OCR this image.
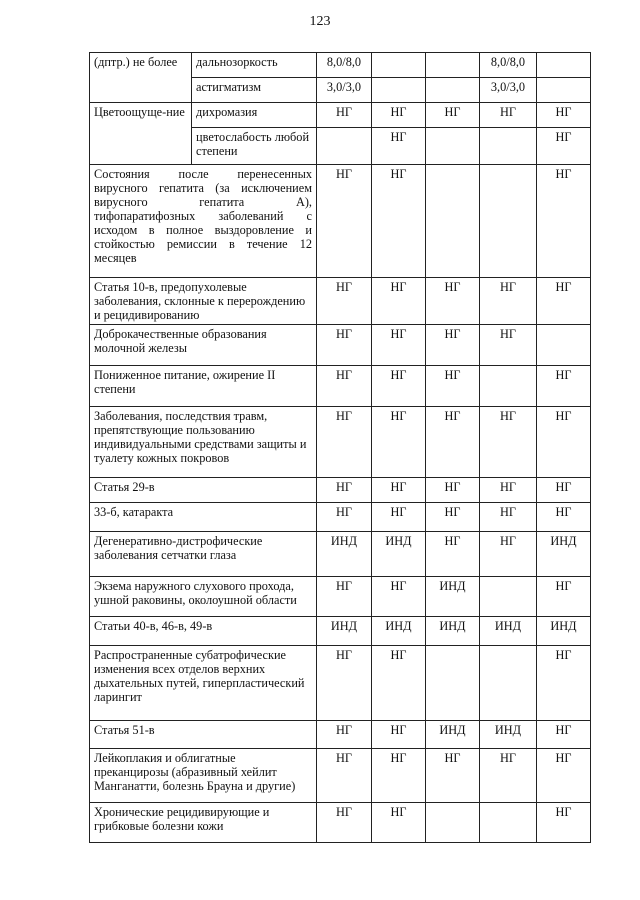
123
(дптр.) не более	дальнозоркость	8,0/8,0			8,0/8,0	
	астигматизм	3,0/3,0			3,0/3,0	
Цветоощуще-ние	дихромазия	НГ	НГ	НГ	НГ	НГ
	цветослабость любой степени		НГ			НГ
Состояния после перенесенных вирусного гепатита (за исключением вирусного гепатита А), тифопаратифозных заболеваний с исходом в полное выздоровление и стойкостью ремиссии в течение 12 месяцев		НГ	НГ			НГ
Статья 10-в, предопухолевые заболевания, склонные к перерождению и рецидивированию		НГ	НГ	НГ	НГ	НГ
Доброкачественные образования молочной железы		НГ	НГ	НГ	НГ	
Пониженное питание, ожирение II степени		НГ	НГ	НГ		НГ
Заболевания, последствия травм, препятствующие пользованию индивидуальными средствами защиты и туалету кожных покровов		НГ	НГ	НГ	НГ	НГ
Статья 29-в		НГ	НГ	НГ	НГ	НГ
33-б, катаракта		НГ	НГ	НГ	НГ	НГ
Дегенеративно-дистрофические заболевания сетчатки глаза		ИНД	ИНД	НГ	НГ	ИНД
Экзема наружного слухового прохода, ушной раковины, околоушной области		НГ	НГ	ИНД		НГ
Статьи 40-в, 46-в, 49-в		ИНД	ИНД	ИНД	ИНД	ИНД
Распространенные субатрофические изменения всех отделов верхних дыхательных путей, гиперпластический ларингит		НГ	НГ			НГ
Статья 51-в		НГ	НГ	ИНД	ИНД	НГ
Лейкоплакия и облигатные преканцирозы (абразивный хейлит Манганатти, болезнь Брауна и другие)		НГ	НГ	НГ	НГ	НГ
Хронические рецидивирующие и грибковые болезни кожи		НГ	НГ			НГ
